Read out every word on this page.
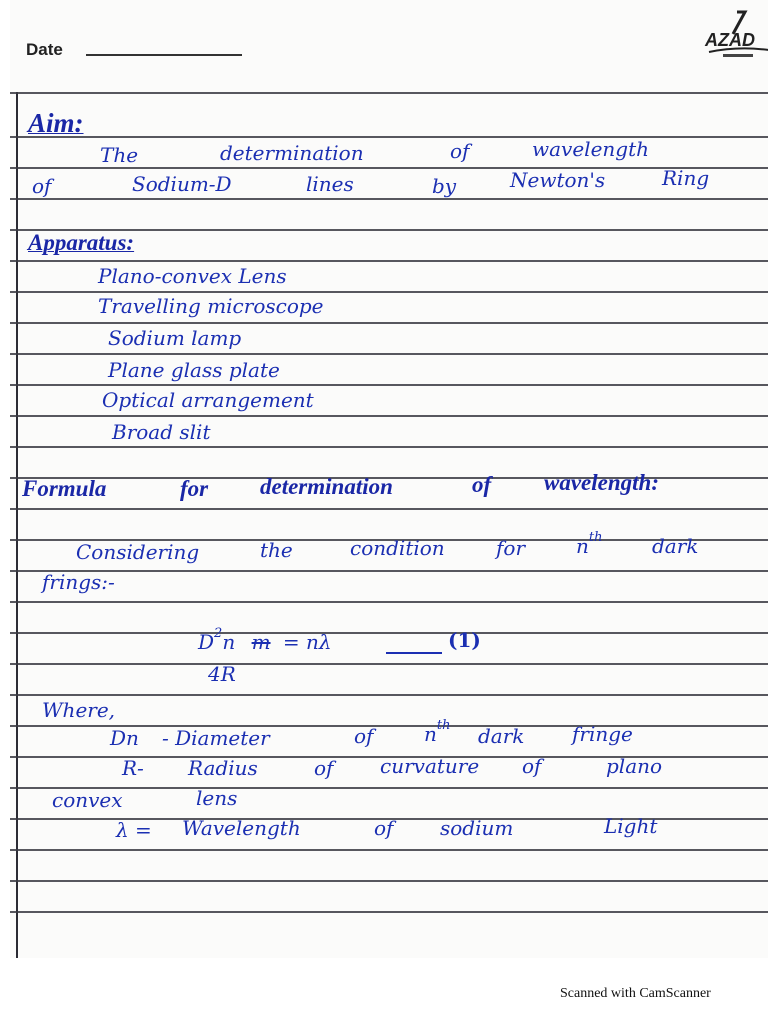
Date	AZAD
Aim:
The	determination	of	wavelength
of	Sodium-D	lines	by	Newton's	Ring
Apparatus:
Plano-convex Lens
Travelling microscope
Sodium lamp
Plane glass plate
Optical arrangement
Broad slit
Formula	for determination	of wavelength:
Considering	the	condition	for	$n^{th}$ dark
frings:-
$D^2n$ m = nλ	(1)
4R
Where,
Dn - Diameter	of	$n^{th}$ dark fringe
R- Radius	of curvature of	plano
convex	lens
λ = Wavelength	of sodium	Light
Scanned with CamScanner
